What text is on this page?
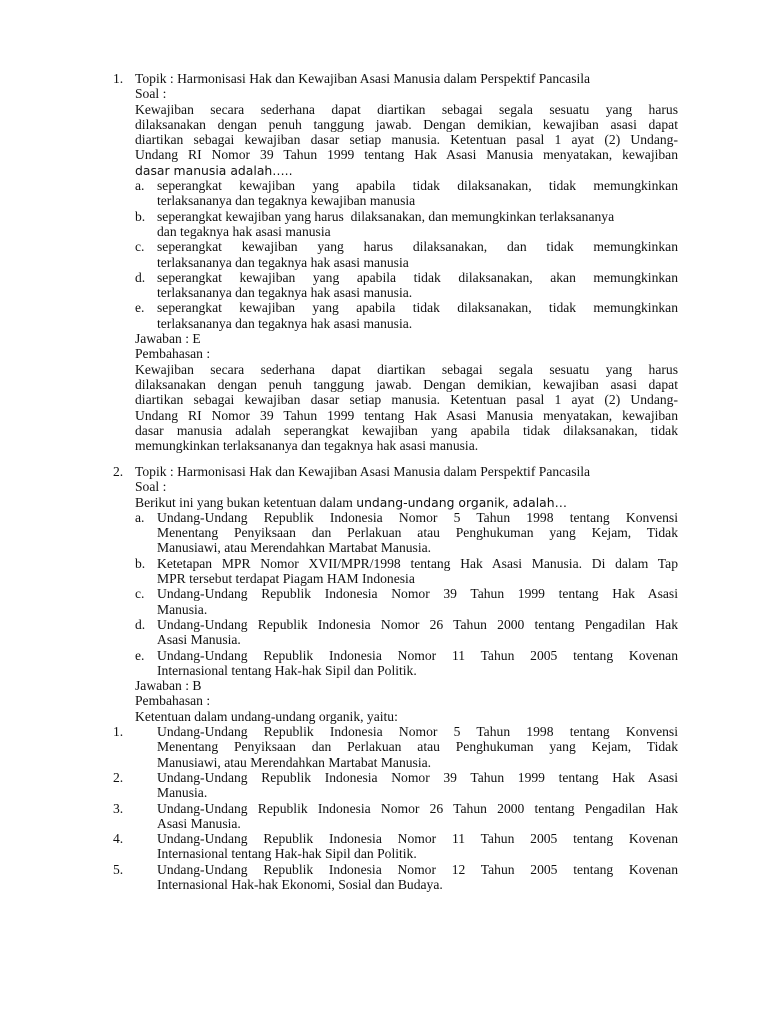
1. Topik : Harmonisasi Hak dan Kewajiban Asasi Manusia dalam Perspektif Pancasila
Soal :
Kewajiban secara sederhana dapat diartikan sebagai segala sesuatu yang harus
dilaksanakan dengan penuh tanggung jawab. Dengan demikian, kewajiban asasi dapat
diartikan sebagai kewajiban dasar setiap manusia. Ketentuan pasal 1 ayat (2) Undang-
Undang RI Nomor 39 Tahun 1999 tentang Hak Asasi Manusia menyatakan, kewajiban
dasar manusia adalah…..
a. seperangkat kewajiban yang apabila tidak dilaksanakan, tidak memungkinkan
terlaksananya dan tegaknya kewajiban manusia
b. seperangkat kewajiban yang harus  dilaksanakan, dan memungkinkan terlaksananya
dan tegaknya hak asasi manusia
c. seperangkat kewajiban yang harus dilaksanakan, dan tidak memungkinkan
terlaksananya dan tegaknya hak asasi manusia
d. seperangkat kewajiban yang apabila tidak dilaksanakan, akan memungkinkan
terlaksananya dan tegaknya hak asasi manusia.
e. seperangkat kewajiban yang apabila tidak dilaksanakan, tidak memungkinkan
terlaksananya dan tegaknya hak asasi manusia.
Jawaban : E
Pembahasan :
Kewajiban secara sederhana dapat diartikan sebagai segala sesuatu yang harus
dilaksanakan dengan penuh tanggung jawab. Dengan demikian, kewajiban asasi dapat
diartikan sebagai kewajiban dasar setiap manusia. Ketentuan pasal 1 ayat (2) Undang-
Undang RI Nomor 39 Tahun 1999 tentang Hak Asasi Manusia menyatakan, kewajiban
dasar manusia adalah seperangkat kewajiban yang apabila tidak dilaksanakan, tidak
memungkinkan terlaksananya dan tegaknya hak asasi manusia.
2. Topik : Harmonisasi Hak dan Kewajiban Asasi Manusia dalam Perspektif Pancasila
Soal :
Berikut ini yang bukan ketentuan dalam undang-undang organik, adalah…
a. Undang-Undang Republik Indonesia Nomor 5 Tahun 1998 tentang Konvensi
Menentang Penyiksaan dan Perlakuan atau Penghukuman yang Kejam, Tidak
Manusiawi, atau Merendahkan Martabat Manusia.
b. Ketetapan MPR Nomor XVII/MPR/1998 tentang Hak Asasi Manusia. Di dalam Tap
MPR tersebut terdapat Piagam HAM Indonesia
c. Undang-Undang Republik Indonesia Nomor 39 Tahun 1999 tentang Hak Asasi
Manusia.
d. Undang-Undang Republik Indonesia Nomor 26 Tahun 2000 tentang Pengadilan Hak
Asasi Manusia.
e. Undang-Undang Republik Indonesia Nomor 11 Tahun 2005 tentang Kovenan
Internasional tentang Hak-hak Sipil dan Politik.
Jawaban : B
Pembahasan :
Ketentuan dalam undang-undang organik, yaitu:
1. Undang-Undang Republik Indonesia Nomor 5 Tahun 1998 tentang Konvensi
Menentang Penyiksaan dan Perlakuan atau Penghukuman yang Kejam, Tidak
Manusiawi, atau Merendahkan Martabat Manusia.
2. Undang-Undang Republik Indonesia Nomor 39 Tahun 1999 tentang Hak Asasi
Manusia.
3. Undang-Undang Republik Indonesia Nomor 26 Tahun 2000 tentang Pengadilan Hak
Asasi Manusia.
4. Undang-Undang Republik Indonesia Nomor 11 Tahun 2005 tentang Kovenan
Internasional tentang Hak-hak Sipil dan Politik.
5. Undang-Undang Republik Indonesia Nomor 12 Tahun 2005 tentang Kovenan
Internasional Hak-hak Ekonomi, Sosial dan Budaya.
